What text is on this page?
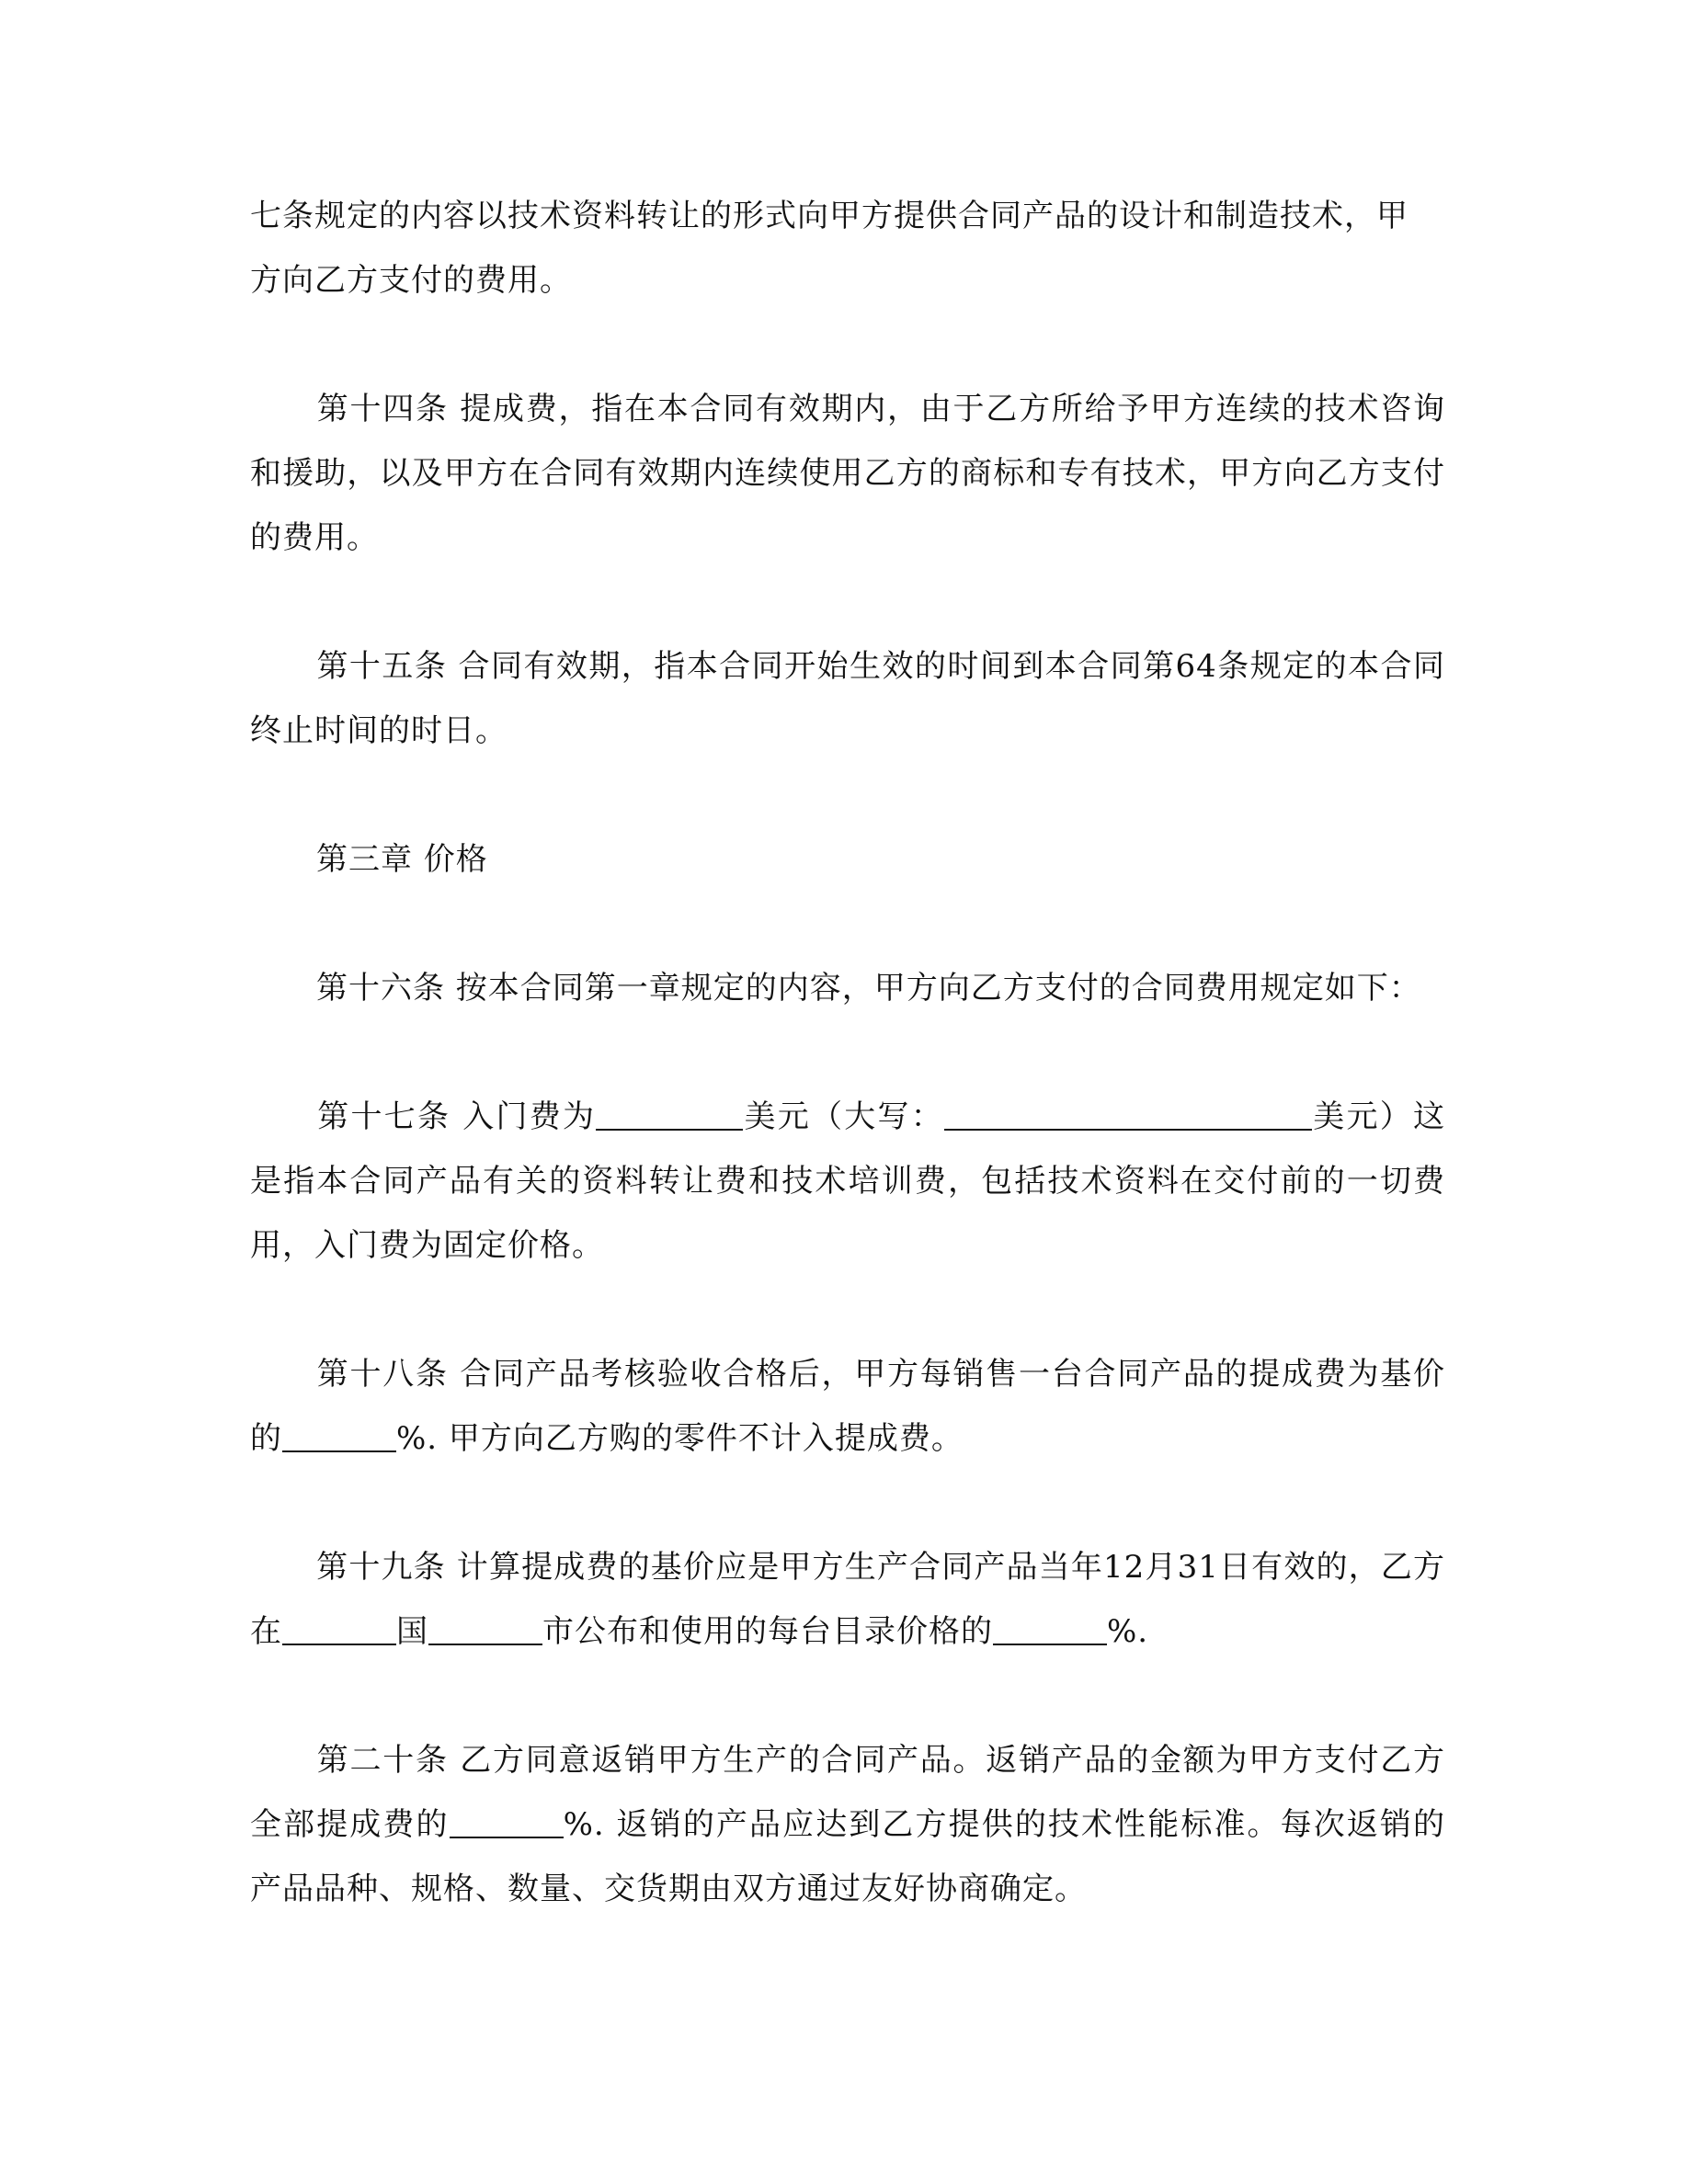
七条规定的内容以技术资料转让的形式向甲方提供合同产品的设计和制造技术，甲
方向乙方支付的费用。

第十四条 提成费，指在本合同有效期内，由于乙方所给予甲方连续的技术咨询和援助，以及甲方在合同有效期内连续使用乙方的商标和专有技术，甲方向乙方支付的费用。

第十五条 合同有效期，指本合同开始生效的时间到本合同第64条规定的本合同终止时间的时日。

第三章 价格

第十六条 按本合同第一章规定的内容，甲方向乙方支付的合同费用规定如下：

第十七条 入门费为	美元（大写：	美元）这是指本合同产品有关的资料转让费和技术培训费，包括技术资料在交付前的一切费用，入门费为固定价格。

第十八条 合同产品考核验收合格后，甲方每销售一台合同产品的提成费为基价的	%. 甲方向乙方购的零件不计入提成费。

第十九条 计算提成费的基价应是甲方生产合同产品当年12月31日有效的，乙方在	国	市公布和使用的每台目录价格的	%.

第二十条 乙方同意返销甲方生产的合同产品。返销产品的金额为甲方支付乙方全部提成费的	%. 返销的产品应达到乙方提供的技术性能标准。每次返销的产品品种、规格、数量、交货期由双方通过友好协商确定。
